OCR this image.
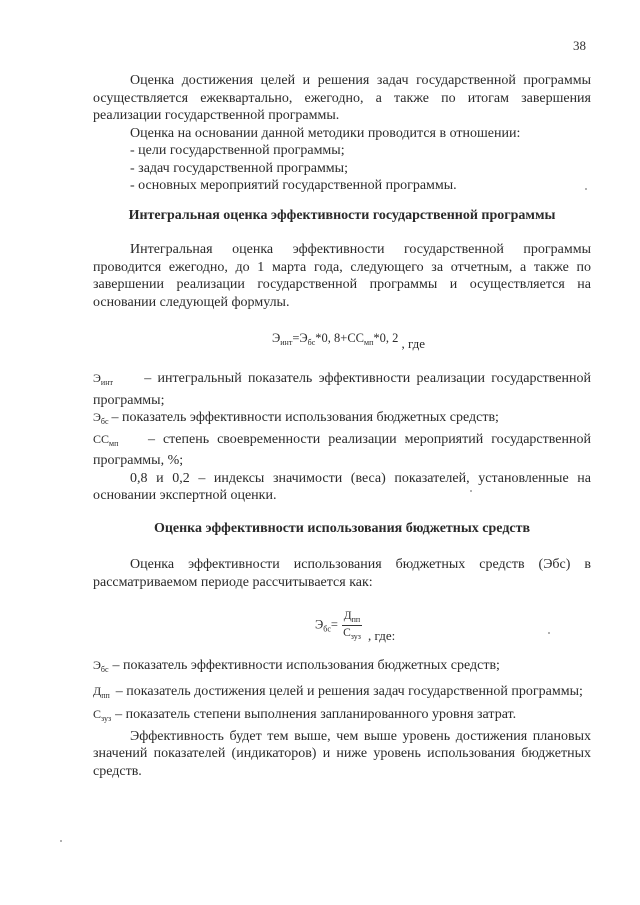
38

Оценка достижения целей и решения задач государственной программы осуществляется ежеквартально, ежегодно, а также по итогам завершения реализации государственной программы.

Оценка на основании данной методики проводится в отношении:

- цели государственной программы;
- задач государственной программы;
- основных мероприятий государственной программы.
Интегральная оценка эффективности государственной программы

Интегральная оценка эффективности государственной программы проводится ежегодно, до 1 марта года, следующего за отчетным, а также по завершении реализации государственной программы и осуществляется на основании следующей формулы.

$Э_{инт}=Э_{бс}*0$, $8+СС_{мп}*0$, 2 , где

$Э_{инт}$ – интегральный показатель эффективности реализации государственной программы;

$Э_{бс}$ – показатель эффективности использования бюджетных средств;

$СС_{мп}$ – степень своевременности реализации мероприятий государственной программы, %;

0,8 и 0,2 – индексы значимости (веса) показателей, установленные на основании экспертной оценки.

Оценка эффективности использования бюджетных средств

Оценка эффективности использования бюджетных средств (Эбс) в рассматриваемом периоде рассчитывается как:

$Э_{бс}= \frac{Д_{пп}}{С_{зуз}}$ , где:

$Э_{бс}$ – показатель эффективности использования бюджетных средств;

$Д_{пп}$ – показатель достижения целей и решения задач государственной программы;

$С_{зуз}$ – показатель степени выполнения запланированного уровня затрат.

Эффективность будет тем выше, чем выше уровень достижения плановых значений показателей (индикаторов) и ниже уровень использования бюджетных средств.
